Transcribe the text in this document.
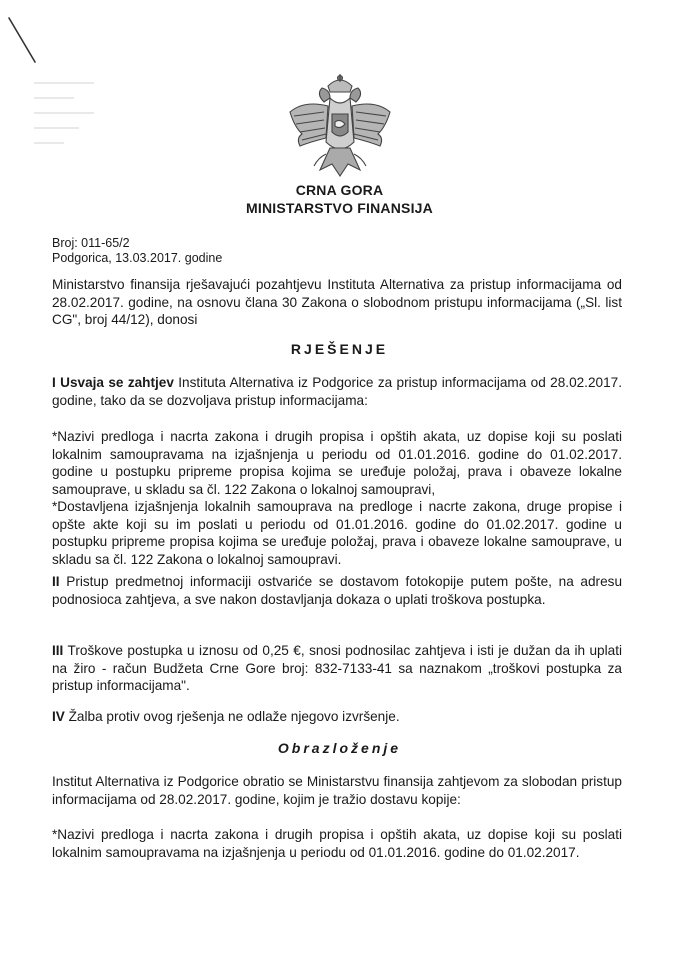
CRNA GORA
MINISTARSTVO FINANSIJA
Broj: 011-65/2
Podgorica, 13.03.2017. godine
Ministarstvo finansija rješavajući pozahtjevu Instituta Alternativa za pristup informacijama od 28.02.2017. godine, na osnovu člana 30 Zakona o slobodnom pristupu informacijama („Sl. list CG", broj 44/12), donosi
RJEŠENJE
I Usvaja se zahtjev Instituta Alternativa iz Podgorice za pristup informacijama od 28.02.2017. godine, tako da se dozvoljava pristup informacijama:
*Nazivi predloga i nacrta zakona i drugih propisa i opštih akata, uz dopise koji su poslati lokalnim samoupravama na izjašnjenja u periodu od 01.01.2016. godine do 01.02.2017. godine u postupku pripreme propisa kojima se uređuje položaj, prava i obaveze lokalne samouprave, u skladu sa čl. 122 Zakona o lokalnoj samoupravi,
*Dostavljena izjašnjenja lokalnih samouprava na predloge i nacrte zakona, druge propise i opšte akte koji su im poslati u periodu od 01.01.2016. godine do 01.02.2017. godine u postupku pripreme propisa kojima se uređuje položaj, prava i obaveze lokalne samouprave, u skladu sa čl. 122 Zakona o lokalnoj samoupravi.
II Pristup predmetnoj informaciji ostvariće se dostavom fotokopije putem pošte, na adresu podnosioca zahtjeva, a sve nakon dostavljanja dokaza o uplati troškova postupka.
III Troškove postupka u iznosu od 0,25 €, snosi podnosilac zahtjeva i isti je dužan da ih uplati na žiro - račun Budžeta Crne Gore broj: 832-7133-41 sa naznakom „troškovi postupka za pristup informacijama".
IV Žalba protiv ovog rješenja ne odlaže njegovo izvršenje.
Obrazloženje
Institut Alternativa iz Podgorice obratio se Ministarstvu finansija zahtjevom za slobodan pristup informacijama od 28.02.2017. godine, kojim je tražio dostavu kopije:
*Nazivi predloga i nacrta zakona i drugih propisa i opštih akata, uz dopise koji su poslati lokalnim samoupravama na izjašnjenja u periodu od 01.01.2016. godine do 01.02.2017.
